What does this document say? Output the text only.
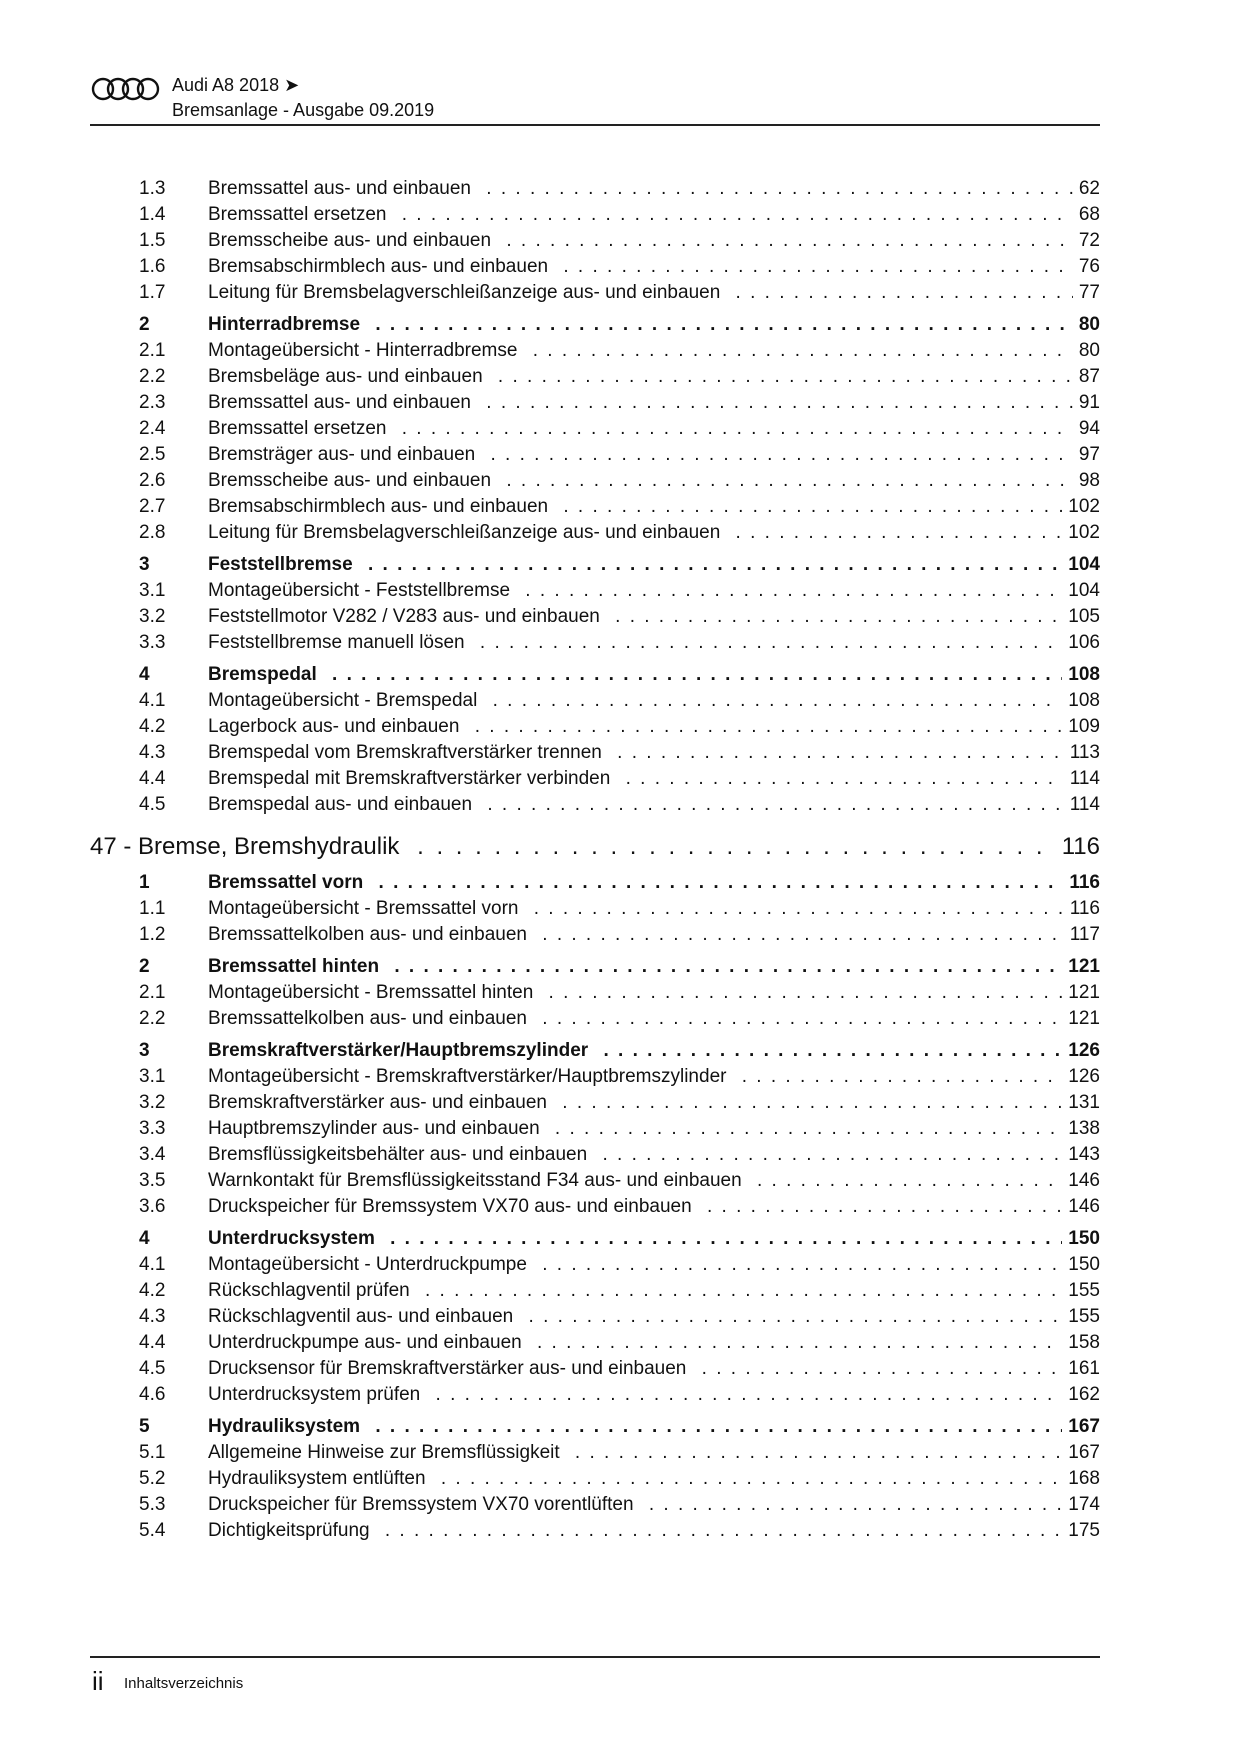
Audi A8 2018 ➤
Bremsanlage - Ausgabe 09.2019
1.3 Bremssattel aus- und einbauen . . .	62
1.4 Bremssattel ersetzen . . .	68
1.5 Bremsscheibe aus- und einbauen . . .	72
1.6 Bremsabschirmblech aus- und einbauen . . .	76
1.7 Leitung für Bremsbelagverschleißanzeige aus- und einbauen . . .	77
2	Hinterradbremse . . .	80
2.1 Montageübersicht - Hinterradbremse . . .	80
2.2 Bremsbeläge aus- und einbauen . . .	87
2.3 Bremssattel aus- und einbauen . . .	91
2.4 Bremssattel ersetzen . . .	94
2.5 Bremsträger aus- und einbauen . . .	97
2.6 Bremsscheibe aus- und einbauen . . .	98
2.7 Bremsabschirmblech aus- und einbauen . . .	102
2.8 Leitung für Bremsbelagverschleißanzeige aus- und einbauen . . .	102
3	Feststellbremse . . .	104
3.1 Montageübersicht - Feststellbremse . . .	104
3.2 Feststellmotor V282 / V283 aus- und einbauen . . .	105
3.3 Feststellbremse manuell lösen . . .	106
4	Bremspedal . . .	108
4.1 Montageübersicht - Bremspedal . . .	108
4.2 Lagerbock aus- und einbauen . . .	109
4.3 Bremspedal vom Bremskraftverstärker trennen . . .	113
4.4 Bremspedal mit Bremskraftverstärker verbinden . . .	114
4.5 Bremspedal aus- und einbauen . . .	114
47 - Bremse, Bremshydraulik . . .	116
1	Bremssattel vorn . . .	116
1.1 Montageübersicht - Bremssattel vorn . . .	116
1.2 Bremssattelkolben aus- und einbauen . . .	117
2	Bremssattel hinten . . .	121
2.1 Montageübersicht - Bremssattel hinten . . .	121
2.2 Bremssattelkolben aus- und einbauen . . .	121
3	Bremskraftverstärker/Hauptbremszylinder . . .	126
3.1 Montageübersicht - Bremskraftverstärker/Hauptbremszylinder . . .	126
3.2 Bremskraftverstärker aus- und einbauen . . .	131
3.3 Hauptbremszylinder aus- und einbauen . . .	138
3.4 Bremsflüssigkeitsbehälter aus- und einbauen . . .	143
3.5 Warnkontakt für Bremsflüssigkeitsstand F34 aus- und einbauen . . .	146
3.6 Druckspeicher für Bremssystem VX70 aus- und einbauen . . .	146
4	Unterdrucksystem . . .	150
4.1 Montageübersicht - Unterdruckpumpe . . .	150
4.2 Rückschlagventil prüfen . . .	155
4.3 Rückschlagventil aus- und einbauen . . .	155
4.4 Unterdruckpumpe aus- und einbauen . . .	158
4.5 Drucksensor für Bremskraftverstärker aus- und einbauen . . .	161
4.6 Unterdrucksystem prüfen . . .	162
5	Hydrauliksystem . . .	167
5.1 Allgemeine Hinweise zur Bremsflüssigkeit . . .	167
5.2 Hydrauliksystem entlüften . . .	168
5.3 Druckspeicher für Bremssystem VX70 vorentlüften . . .	174
5.4 Dichtigkeitsprüfung . . .	175
ii Inhaltsverzeichnis
